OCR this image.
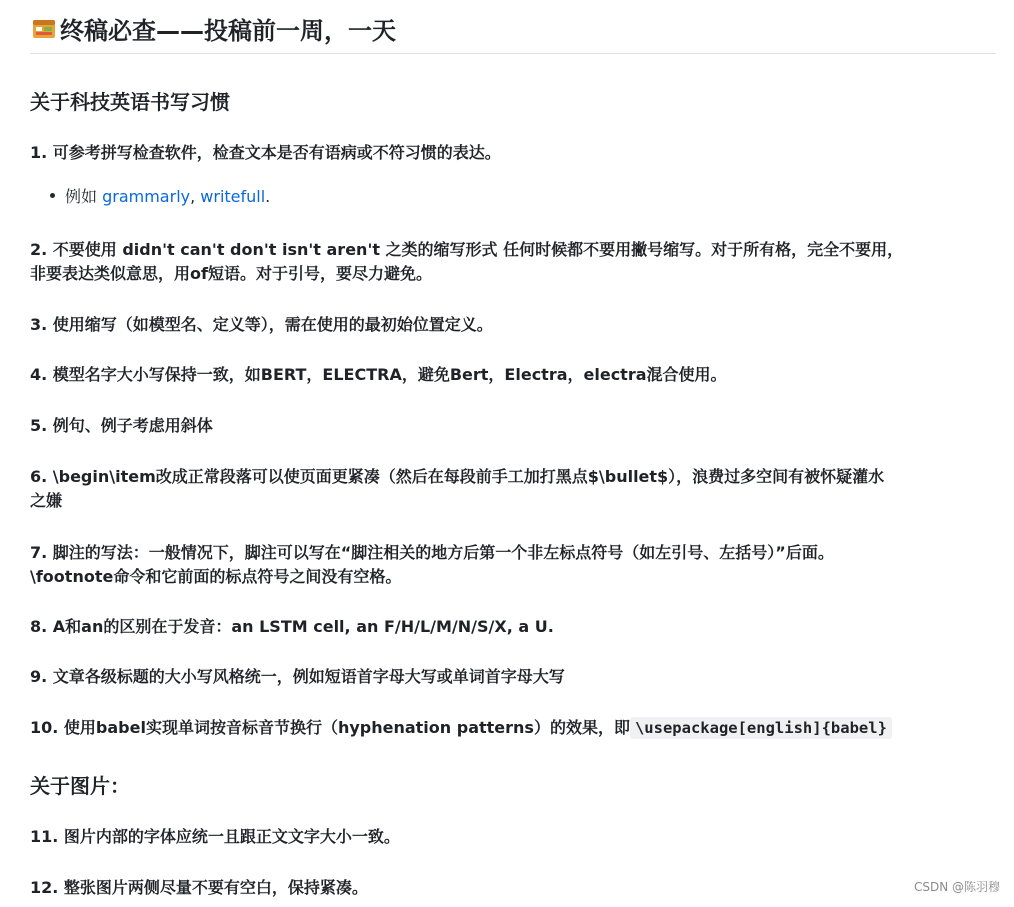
终稿必查——投稿前一周，一天
关于科技英语书写习惯
1. 可参考拼写检查软件，检查文本是否有语病或不符习惯的表达。
例如 grammarly, writefull.
2. 不要使用 didn't can't don't isn't aren't 之类的缩写形式 任何时候都不要用撇号缩写。对于所有格，完全不要用，
非要表达类似意思，用of短语。对于引号，要尽力避免。
3. 使用缩写（如模型名、定义等），需在使用的最初始位置定义。
4. 模型名字大小写保持一致，如BERT，ELECTRA，避免Bert，Electra，electra混合使用。
5. 例句、例子考虑用斜体
6. \begin\item改成正常段落可以使页面更紧凑（然后在每段前手工加打黑点$\bullet$），浪费过多空间有被怀疑灌水
之嫌
7. 脚注的写法：一般情况下，脚注可以写在“脚注相关的地方后第一个非左标点符号（如左引号、左括号）”后面。
\footnote命令和它前面的标点符号之间没有空格。
8. A和an的区别在于发音：an LSTM cell, an F/H/L/M/N/S/X, a U.
9. 文章各级标题的大小写风格统一，例如短语首字母大写或单词首字母大写
10. 使用babel实现单词按音标音节换行（hyphenation patterns）的效果，即 \usepackage[english]{babel}
关于图片：
11. 图片内部的字体应统一且跟正文文字大小一致。
12. 整张图片两侧尽量不要有空白，保持紧凑。	CSDN @陈羽穆
